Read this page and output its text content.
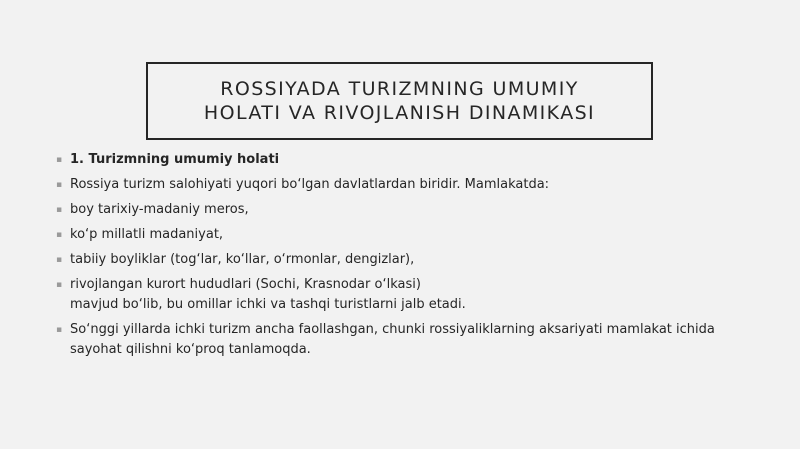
ROSSIYADA TURIZMNING UMUMIY
HOLATI VA RIVOJLANISH DINAMIKASI
▪ 1. Turizmning umumiy holati
▪ Rossiya turizm salohiyati yuqori bo‘lgan davlatlardan biridir. Mamlakatda:
▪ boy tarixiy-madaniy meros,
▪ ko‘p millatli madaniyat,
▪ tabiiy boyliklar (tog‘lar, ko‘llar, o‘rmonlar, dengizlar),
▪ rivojlangan kurort hududlari (Sochi, Krasnodar o‘lkasi)
mavjud bo‘lib, bu omillar ichki va tashqi turistlarni jalb etadi.
▪ So‘nggi yillarda ichki turizm ancha faollashgan, chunki rossiyaliklarning aksariyati mamlakat ichida
sayohat qilishni ko‘proq tanlamoqda.
